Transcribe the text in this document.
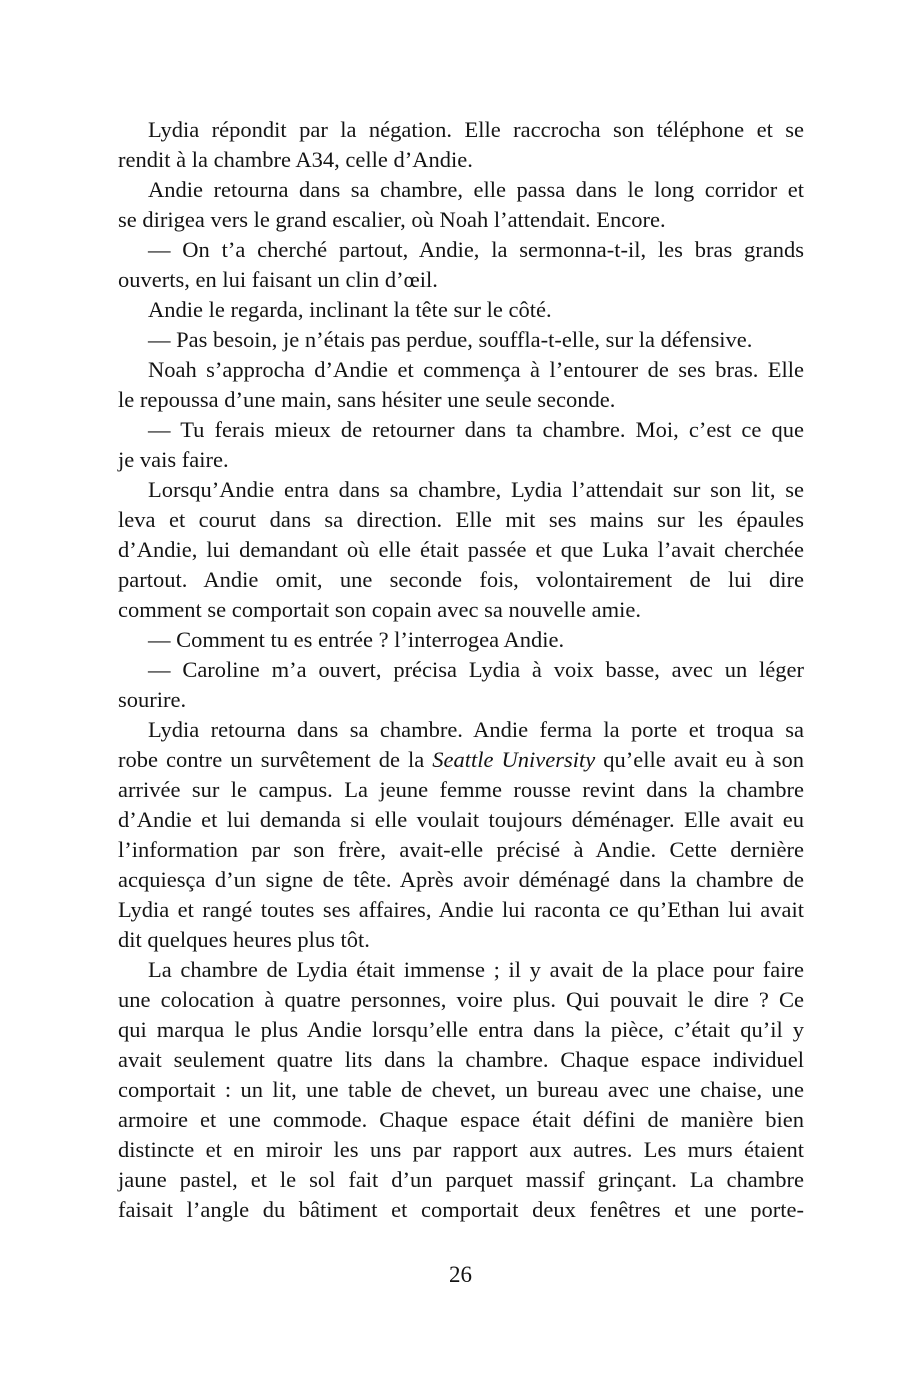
Lydia répondit par la négation. Elle raccrocha son téléphone et se
rendit à la chambre A34, celle d’Andie.
Andie retourna dans sa chambre, elle passa dans le long corridor et
se dirigea vers le grand escalier, où Noah l’attendait. Encore.
— On t’a cherché partout, Andie, la sermonna-t-il, les bras grands
ouverts, en lui faisant un clin d’œil.
Andie le regarda, inclinant la tête sur le côté.
— Pas besoin, je n’étais pas perdue, souffla-t-elle, sur la défensive.
Noah s’approcha d’Andie et commença à l’entourer de ses bras. Elle
le repoussa d’une main, sans hésiter une seule seconde.
— Tu ferais mieux de retourner dans ta chambre. Moi, c’est ce que
je vais faire.
Lorsqu’Andie entra dans sa chambre, Lydia l’attendait sur son lit, se
leva et courut dans sa direction. Elle mit ses mains sur les épaules
d’Andie, lui demandant où elle était passée et que Luka l’avait cherchée
partout. Andie omit, une seconde fois, volontairement de lui dire
comment se comportait son copain avec sa nouvelle amie.
— Comment tu es entrée ? l’interrogea Andie.
— Caroline m’a ouvert, précisa Lydia à voix basse, avec un léger
sourire.
Lydia retourna dans sa chambre. Andie ferma la porte et troqua sa
robe contre un survêtement de la Seattle University qu’elle avait eu à son
arrivée sur le campus. La jeune femme rousse revint dans la chambre
d’Andie et lui demanda si elle voulait toujours déménager. Elle avait eu
l’information par son frère, avait-elle précisé à Andie. Cette dernière
acquiesça d’un signe de tête. Après avoir déménagé dans la chambre de
Lydia et rangé toutes ses affaires, Andie lui raconta ce qu’Ethan lui avait
dit quelques heures plus tôt.
La chambre de Lydia était immense ; il y avait de la place pour faire
une colocation à quatre personnes, voire plus. Qui pouvait le dire ? Ce
qui marqua le plus Andie lorsqu’elle entra dans la pièce, c’était qu’il y
avait seulement quatre lits dans la chambre. Chaque espace individuel
comportait : un lit, une table de chevet, un bureau avec une chaise, une
armoire et une commode. Chaque espace était défini de manière bien
distincte et en miroir les uns par rapport aux autres. Les murs étaient
jaune pastel, et le sol fait d’un parquet massif grinçant. La chambre
faisait l’angle du bâtiment et comportait deux fenêtres et une porte-
26
